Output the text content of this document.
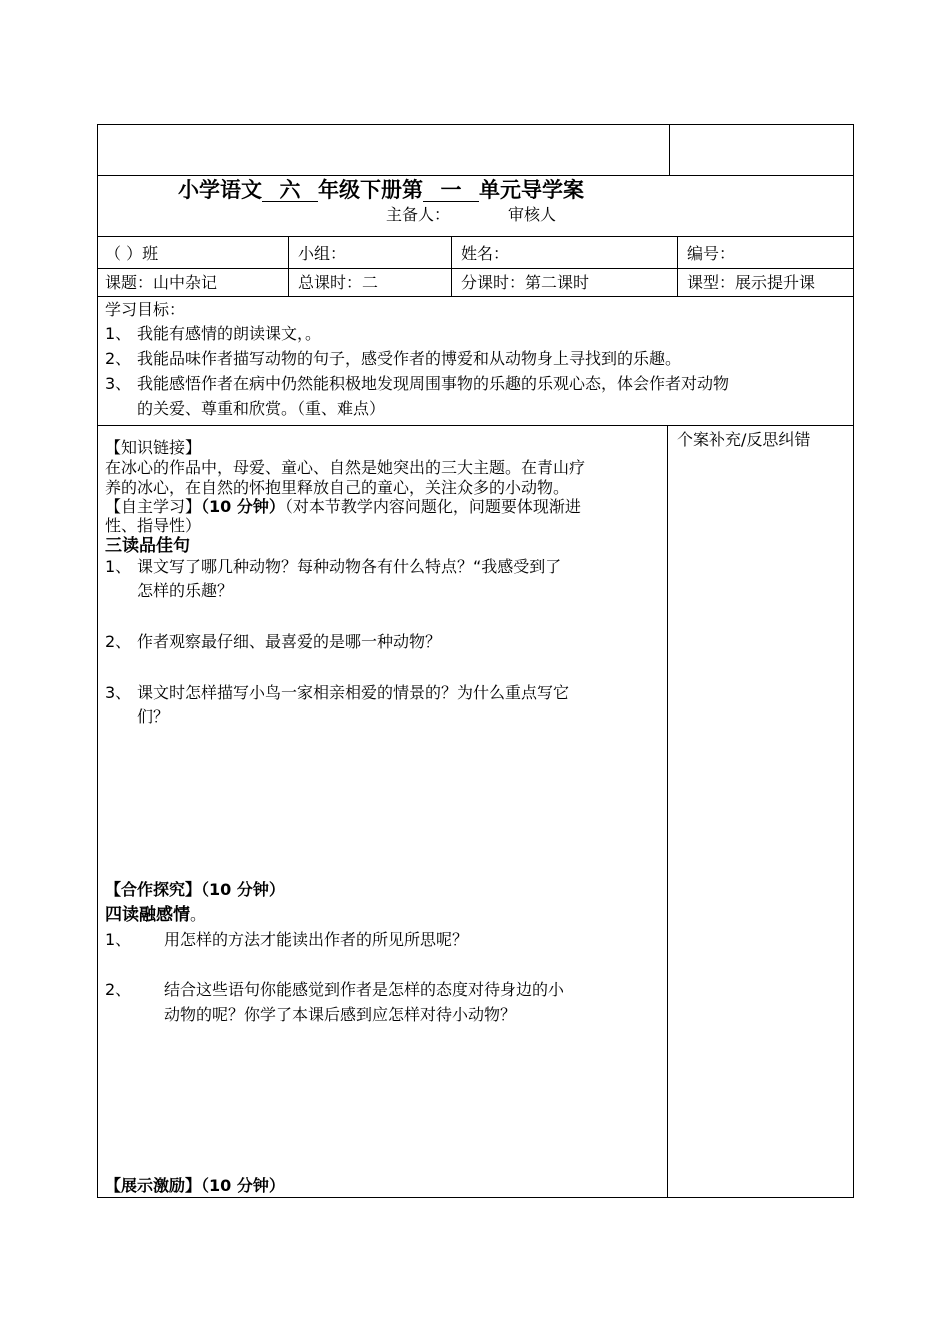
小学语文 六 年级下册第 一 单元导学案
主备人：	审核人
（ ）班	小组：	姓名：	编号：
课题：山中杂记	总课时：二	分课时：第二课时	课型：展示提升课
学习目标：
1、 我能有感情的朗读课文，。
2、 我能品味作者描写动物的句子，感受作者的博爱和从动物身上寻找到的乐趣。
3、 我能感悟作者在病中仍然能积极地发现周围事物的乐趣的乐观心态，体会作者对动物
的关爱、尊重和欣赏。（重、难点）
个案补充/反思纠错
【知识链接】
在冰心的作品中，母爱、童心、自然是她突出的三大主题。在青山疗
养的冰心，在自然的怀抱里释放自己的童心，关注众多的小动物。
【自主学习】（10 分钟）（对本节教学内容问题化，问题要体现渐进
性、指导性）
三读品佳句
1、 课文写了哪几种动物？每种动物各有什么特点？“我感受到了
怎样的乐趣？
2、 作者观察最仔细、最喜爱的是哪一种动物？
3、 课文时怎样描写小鸟一家相亲相爱的情景的？为什么重点写它
们？
【合作探究】（10 分钟）
四读融感情。
1、 用怎样的方法才能读出作者的所见所思呢？
2、 结合这些语句你能感觉到作者是怎样的态度对待身边的小
动物的呢？你学了本课后感到应怎样对待小动物？
【展示激励】（10 分钟）
